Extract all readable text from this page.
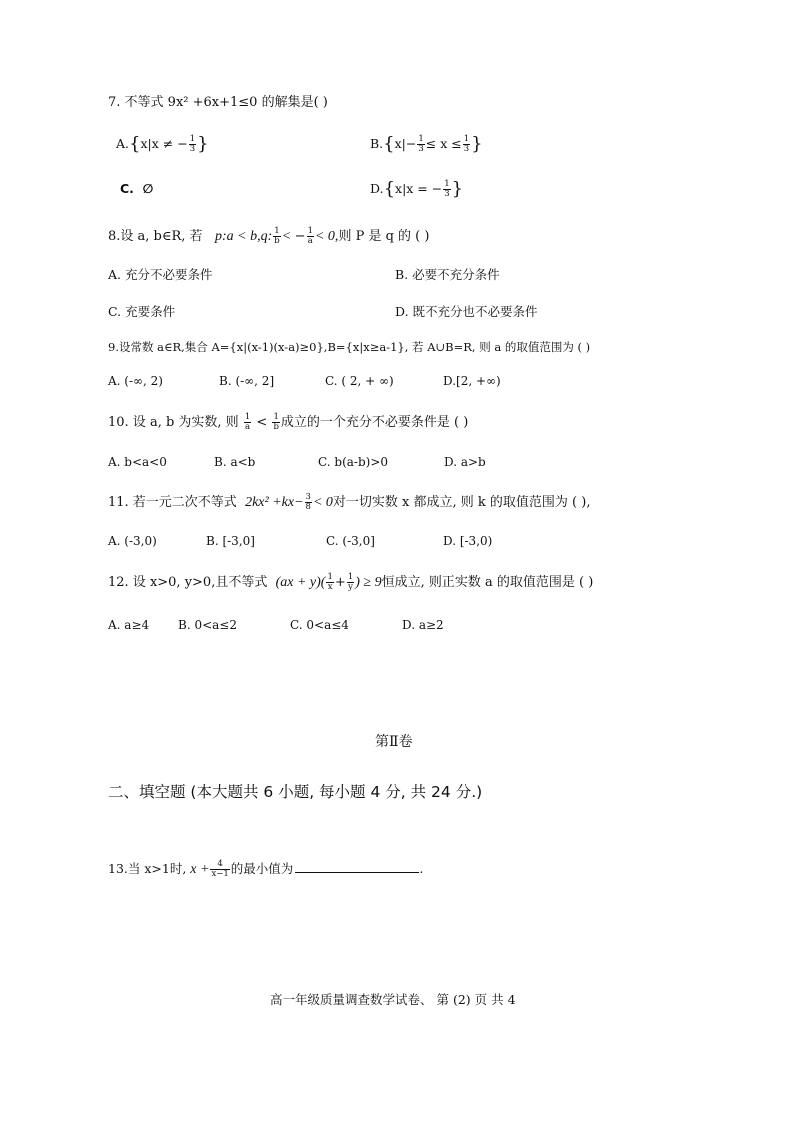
7. 不等式 9x² +6x+1≤0 的解集是( )
A.{x|x ≠ − $\frac{1}{3}$ }	$B.\{x|- \frac{1}{3} \le x \le \frac{1}{3}$ }
C. ∅	D.{x|x = − $\frac{1}{3}$ }
8.设 a, b∈R, 若 p:a < b,q: $\frac{1}{b}$ < − $\frac{1}{a} < 0$,则 P 是 q 的 ( )
A. 充分不必要条件	B. 必要不充分条件
C. 充要条件	D. 既不充分也不必要条件
9.设常数 a∈R,集合 A={x|(x-1)(x-a)≥0},B={x|x≥a-1}, 若 A∪B=R, 则 a 的取值范围为 ( )
A. (-∞, 2)	B. (-∞, 2]	C. ( 2, + ∞)	D.[2, +∞)
10. 设 a, b 为实数, 则 $\frac{1}{a} < \frac{1}{b}$ 成立的一个充分不必要条件是 ( )
A. b<a<0	B. a<b	C. b(a-b)>0	D. a>b
11. 若一元二次不等式 $2kx^2 +kx- \frac{3}{8} < 0$对一切实数 x 都成立, 则 k 的取值范围为 ( ),
A. (-3,0)	B. [-3,0]	C. (-3,0]	D. [-3,0)
12. 设 x>0, y>0,且不等式 $(ax + y)( \frac{1}{x} + \frac{1}{y}$ ) ≥ 9恒成立, 则正实数 a 的取值范围是 ( )
A. a≥4 B. 0<a≤2	C. 0<a≤4	D. a≥2
第Ⅱ卷
二、填空题 (本大题共 6 小题, 每小题 4 分, 共 24 分.)
13.当 x>1时, $x + \frac{4}{x-1}$ 的最小值为	.
高一年级质量调查数学试卷、 第 (2) 页 共 4
